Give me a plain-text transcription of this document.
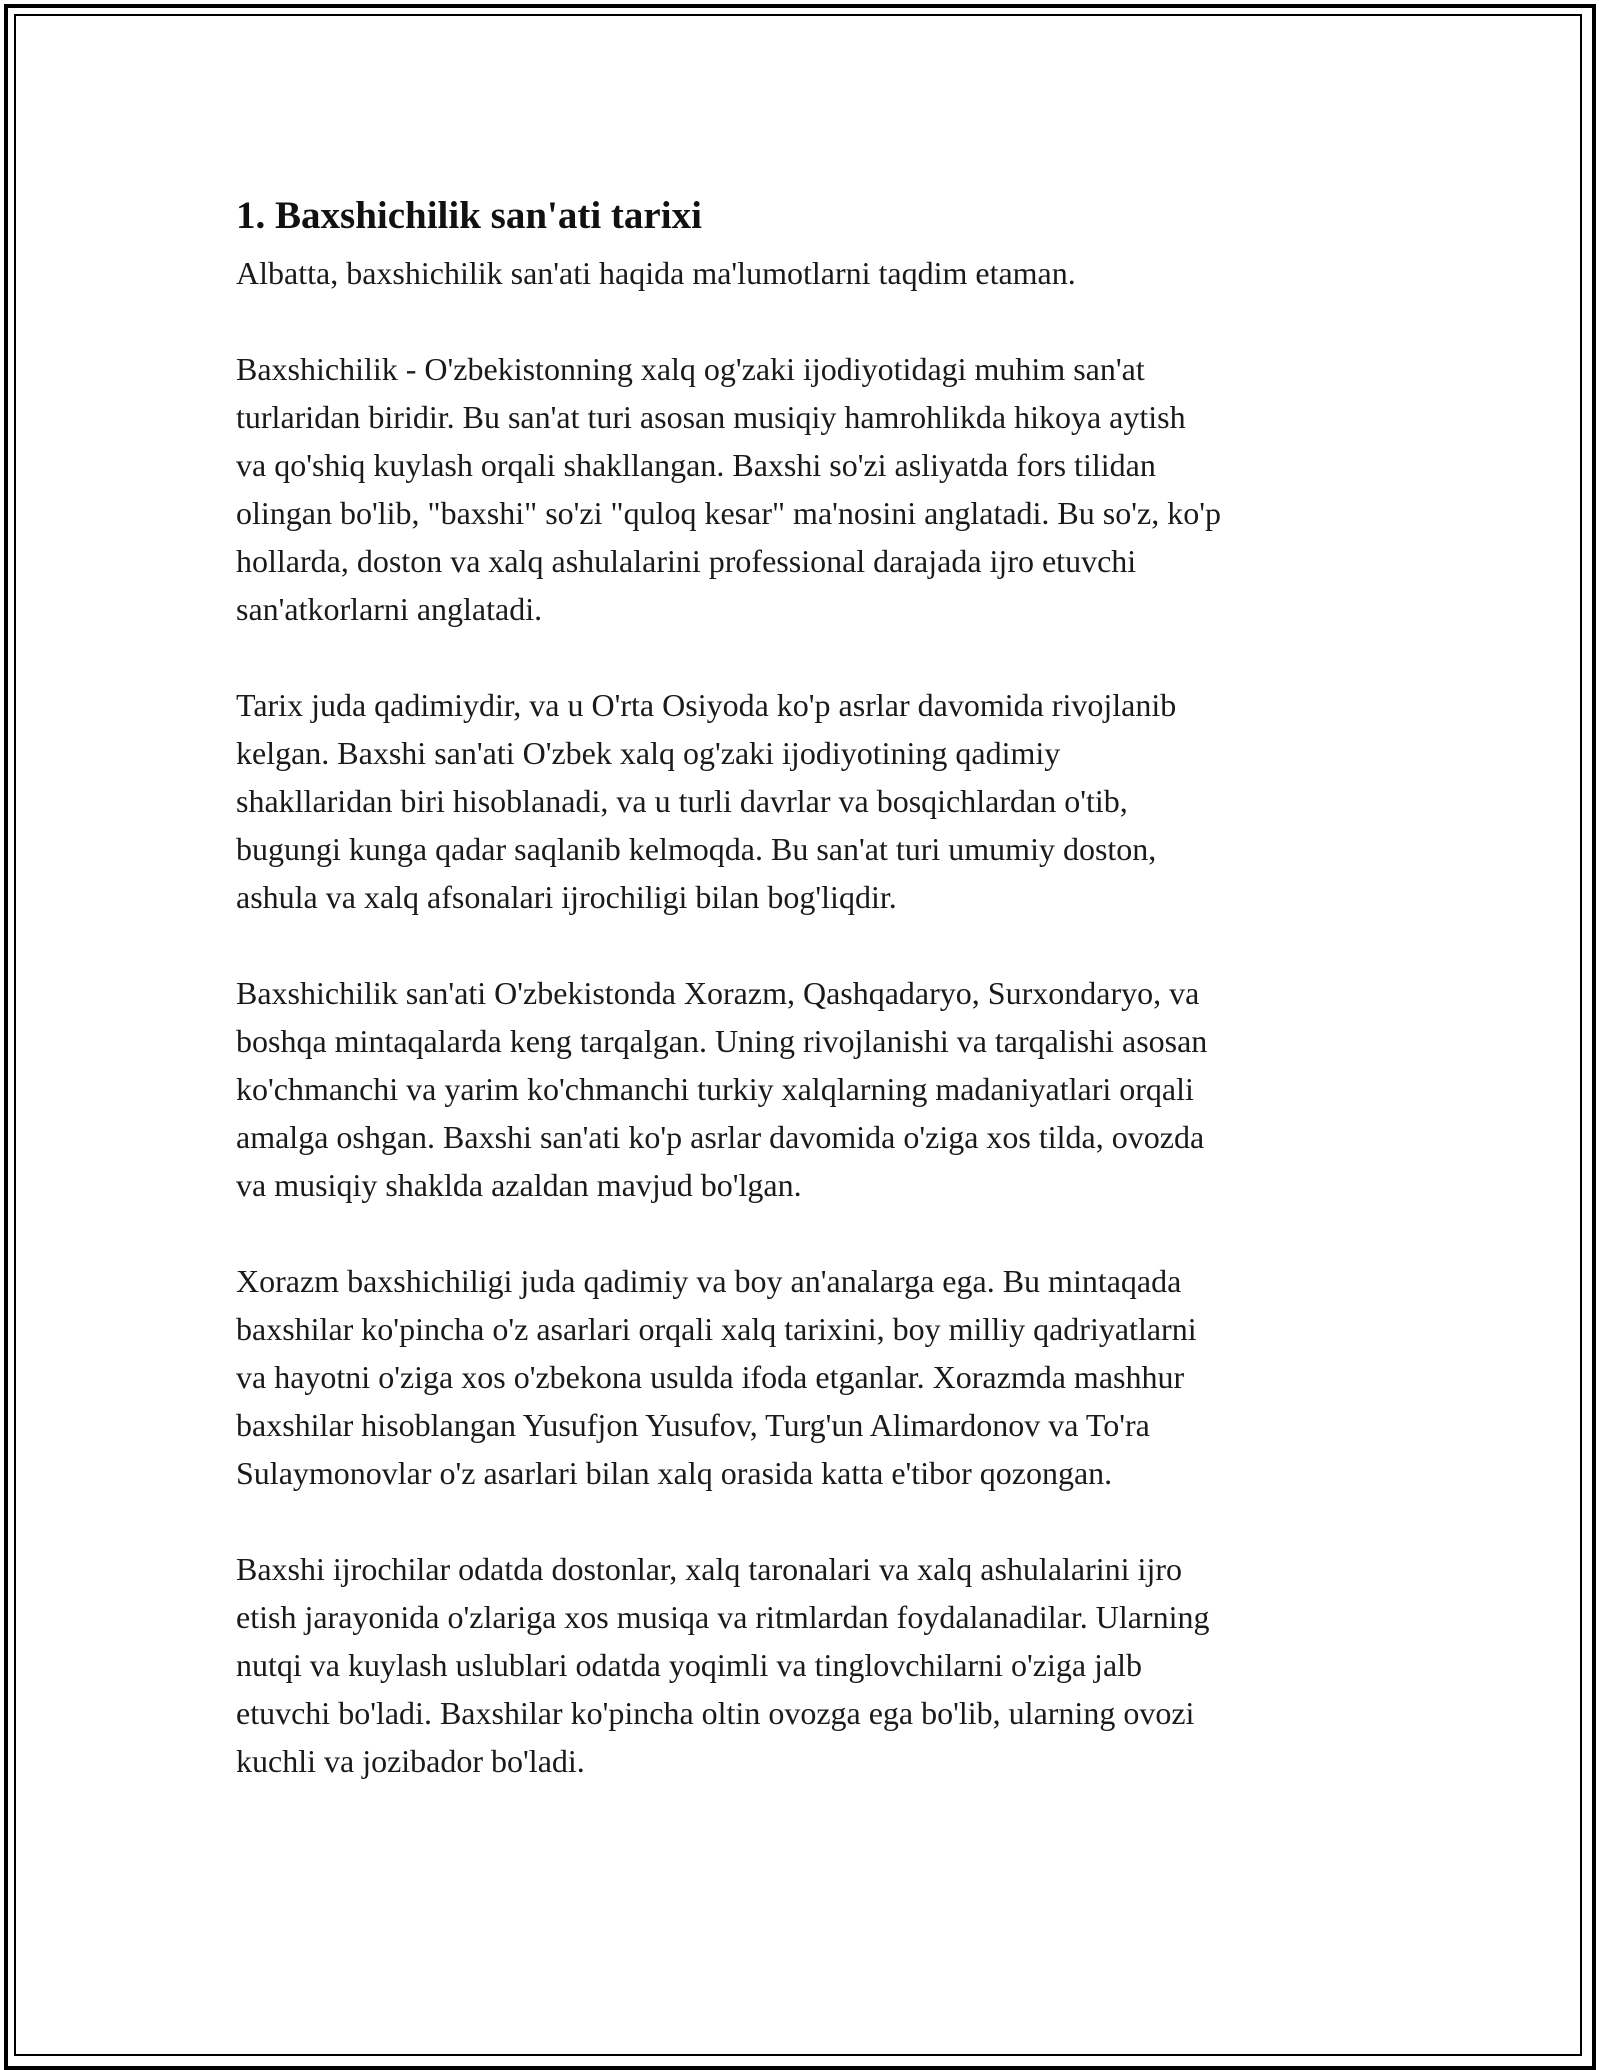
1. Baxshichilik san'ati tarixi

Albatta, baxshichilik san'ati haqida ma'lumotlarni taqdim etaman.

Baxshichilik - O'zbekistonning xalq og'zaki ijodiyotidagi muhim san'at
turlaridan biridir. Bu san'at turi asosan musiqiy hamrohlikda hikoya aytish
va qo'shiq kuylash orqali shakllangan. Baxshi so'zi asliyatda fors tilidan
olingan bo'lib, "baxshi" so'zi "quloq kesar" ma'nosini anglatadi. Bu so'z, ko'p
hollarda, doston va xalq ashulalarini professional darajada ijro etuvchi
san'atkorlarni anglatadi.

Tarix juda qadimiydir, va u O'rta Osiyoda ko'p asrlar davomida rivojlanib
kelgan. Baxshi san'ati O'zbek xalq og'zaki ijodiyotining qadimiy
shakllaridan biri hisoblanadi, va u turli davrlar va bosqichlardan o'tib,
bugungi kunga qadar saqlanib kelmoqda. Bu san'at turi umumiy doston,
ashula va xalq afsonalari ijrochiligi bilan bog'liqdir.

Baxshichilik san'ati O'zbekistonda Xorazm, Qashqadaryo, Surxondaryo, va
boshqa mintaqalarda keng tarqalgan. Uning rivojlanishi va tarqalishi asosan
ko'chmanchi va yarim ko'chmanchi turkiy xalqlarning madaniyatlari orqali
amalga oshgan. Baxshi san'ati ko'p asrlar davomida o'ziga xos tilda, ovozda
va musiqiy shaklda azaldan mavjud bo'lgan.

Xorazm baxshichiligi juda qadimiy va boy an'analarga ega. Bu mintaqada
baxshilar ko'pincha o'z asarlari orqali xalq tarixini, boy milliy qadriyatlarni
va hayotni o'ziga xos o'zbekona usulda ifoda etganlar. Xorazmda mashhur
baxshilar hisoblangan Yusufjon Yusufov, Turg'un Alimardonov va To'ra
Sulaymonovlar o'z asarlari bilan xalq orasida katta e'tibor qozongan.

Baxshi ijrochilar odatda dostonlar, xalq taronalari va xalq ashulalarini ijro
etish jarayonida o'zlariga xos musiqa va ritmlardan foydalanadilar. Ularning
nutqi va kuylash uslublari odatda yoqimli va tinglovchilarni o'ziga jalb
etuvchi bo'ladi. Baxshilar ko'pincha oltin ovozga ega bo'lib, ularning ovozi
kuchli va jozibador bo'ladi.
